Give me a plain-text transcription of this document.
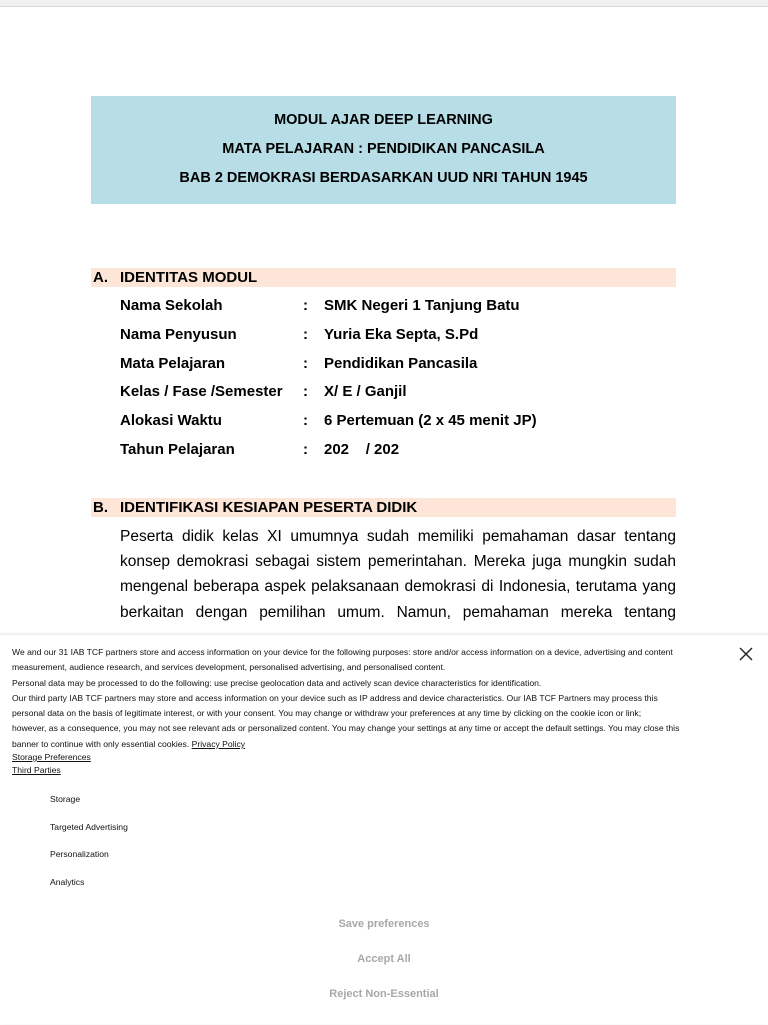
MODUL AJAR DEEP LEARNING
MATA PELAJARAN : PENDIDIKAN PANCASILA
BAB 2 DEMOKRASI BERDASARKAN UUD NRI TAHUN 1945
A. IDENTITAS MODUL
Nama Sekolah	: SMK Negeri 1 Tanjung Batu
Nama Penyusun	: Yuria Eka Septa, S.Pd
Mata Pelajaran	: Pendidikan Pancasila
Kelas / Fase /Semester : X/ E / Ganjil
Alokasi Waktu	: 6 Pertemuan (2 x 45 menit JP)
Tahun Pelajaran	: 202    / 202
B. IDENTIFIKASI KESIAPAN PESERTA DIDIK
Peserta didik kelas XI umumnya sudah memiliki pemahaman dasar tentang
konsep demokrasi sebagai sistem pemerintahan. Mereka juga mungkin sudah
mengenal beberapa aspek pelaksanaan demokrasi di Indonesia, terutama yang
berkaitan dengan pemilihan umum. Namun, pemahaman mereka tentang
We and our 31 IAB TCF partners store and access information on your device for the following purposes: store and/or access information on a device, advertising and content
measurement, audience research, and services development, personalised advertising, and personalised content.
Personal data may be processed to do the following: use precise geolocation data and actively scan device characteristics for identification.
Our third party IAB TCF partners may store and access information on your device such as IP address and device characteristics. Our IAB TCF Partners may process this
personal data on the basis of legitimate interest, or with your consent. You may change or withdraw your preferences at any time by clicking on the cookie icon or link;
however, as a consequence, you may not see relevant ads or personalized content. You may change your settings at any time or accept the default settings. You may close this
banner to continue with only essential cookies. Privacy Policy
Storage Preferences
Third Parties
Storage
Targeted Advertising
Personalization
Analytics
Save preferences
Accept All
Reject Non-Essential
